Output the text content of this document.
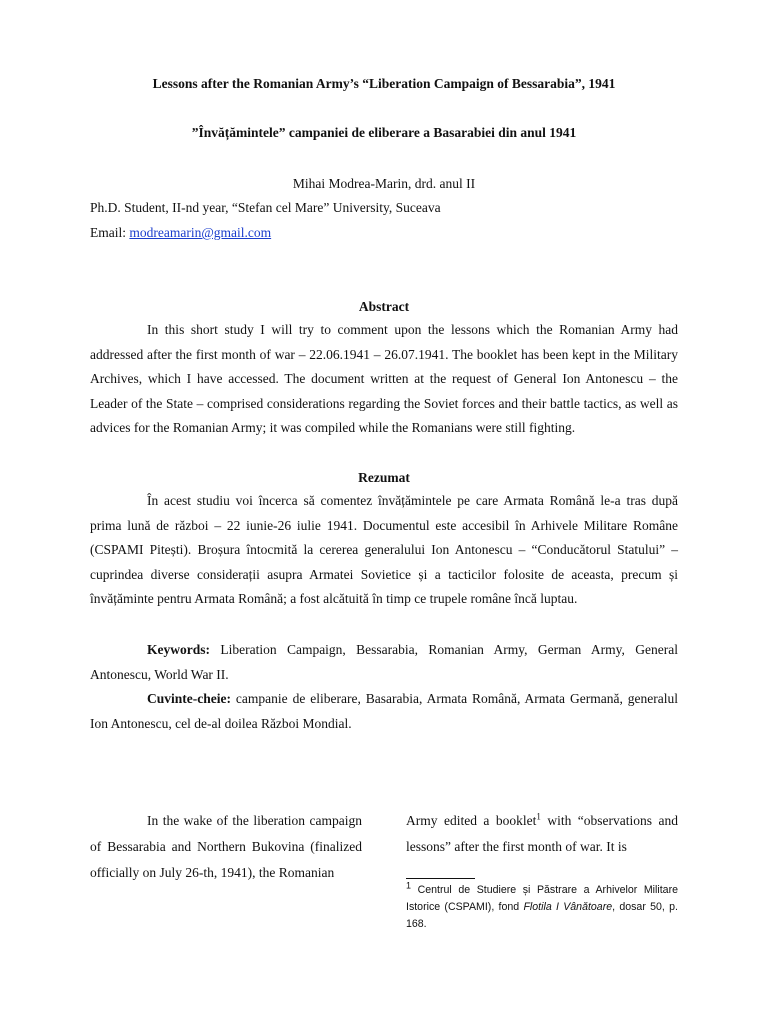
Lessons after the Romanian Army’s “Liberation Campaign of Bessarabia”, 1941
”Învățămintele” campaniei de eliberare a Basarabiei din anul 1941
Mihai Modrea-Marin, drd. anul II
Ph.D. Student, II-nd year, “Stefan cel Mare” University, Suceava
Email: modreamarin@gmail.com
Abstract
In this short study I will try to comment upon the lessons which the Romanian Army had addressed after the first month of war – 22.06.1941 – 26.07.1941. The booklet has been kept in the Military Archives, which I have accessed. The document written at the request of General Ion Antonescu – the Leader of the State – comprised considerations regarding the Soviet forces and their battle tactics, as well as advices for the Romanian Army; it was compiled while the Romanians were still fighting.
Rezumat
În acest studiu voi încerca să comentez învățămintele pe care Armata Română le-a tras după prima lună de război – 22 iunie-26 iulie 1941. Documentul este accesibil în Arhivele Militare Române (CSPAMI Pitești). Broșura întocmită la cererea generalului Ion Antonescu – “Conducătorul Statului” – cuprindea diverse considerații asupra Armatei Sovietice și a tacticilor folosite de aceasta, precum și învățăminte pentru Armata Română; a fost alcătuită în timp ce trupele române încă luptau.
Keywords: Liberation Campaign, Bessarabia, Romanian Army, German Army, General Antonescu, World War II.
Cuvinte-cheie: campanie de eliberare, Basarabia, Armata Română, Armata Germană, generalul Ion Antonescu, cel de-al doilea Război Mondial.
In the wake of the liberation campaign of Bessarabia and Northern Bukovina (finalized officially on July 26-th, 1941), the Romanian
Army edited a booklet$^1$ with “observations and lessons” after the first month of war. It is
$^1$ Centrul de Studiere și Păstrare a Arhivelor Militare Istorice (CSPAMI), fond Flotila I Vânătoare, dosar 50, p. 168.
